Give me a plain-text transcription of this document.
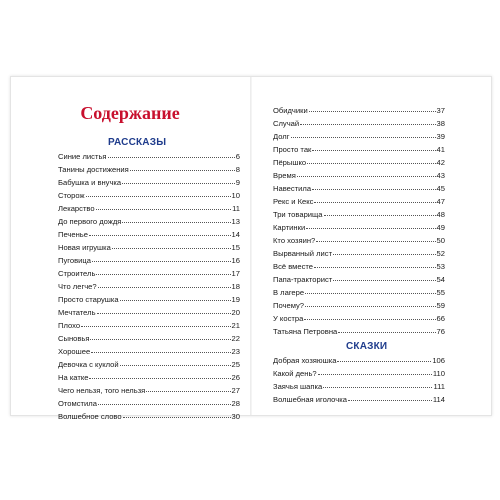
Содержание
РАССКАЗЫ
Синие листья	6
Танины достижения	8
Бабушка и внучка	9
Сторож	10
Лекарство	11
До первого дождя	13
Печенье	14
Новая игрушка	15
Пуговица	16
Строитель	17
Что легче?	18
Просто старушка	19
Мечтатель	20
Плохо	21
Сыновья	22
Хорошее	23
Девочка с куклой	25
На катке	26
Чего нельзя, того нельзя	27
Отомстила	28
Волшебное слово	30
Обидчики	37
Случай	38
Долг	39
Просто так	41
Пёрышко	42
Время	43
Навестила	45
Рекс и Кекс	47
Три товарища	48
Картинки	49
Кто хозяин?	50
Вырванный лист	52
Всё вместе	53
Папа-тракторист	54
В лагере	55
Почему?	59
У костра	66
Татьяна Петровна	76
СКАЗКИ
Добрая хозяюшка	106
Какой день?	110
Заячья шапка	111
Волшебная иголочка	114
